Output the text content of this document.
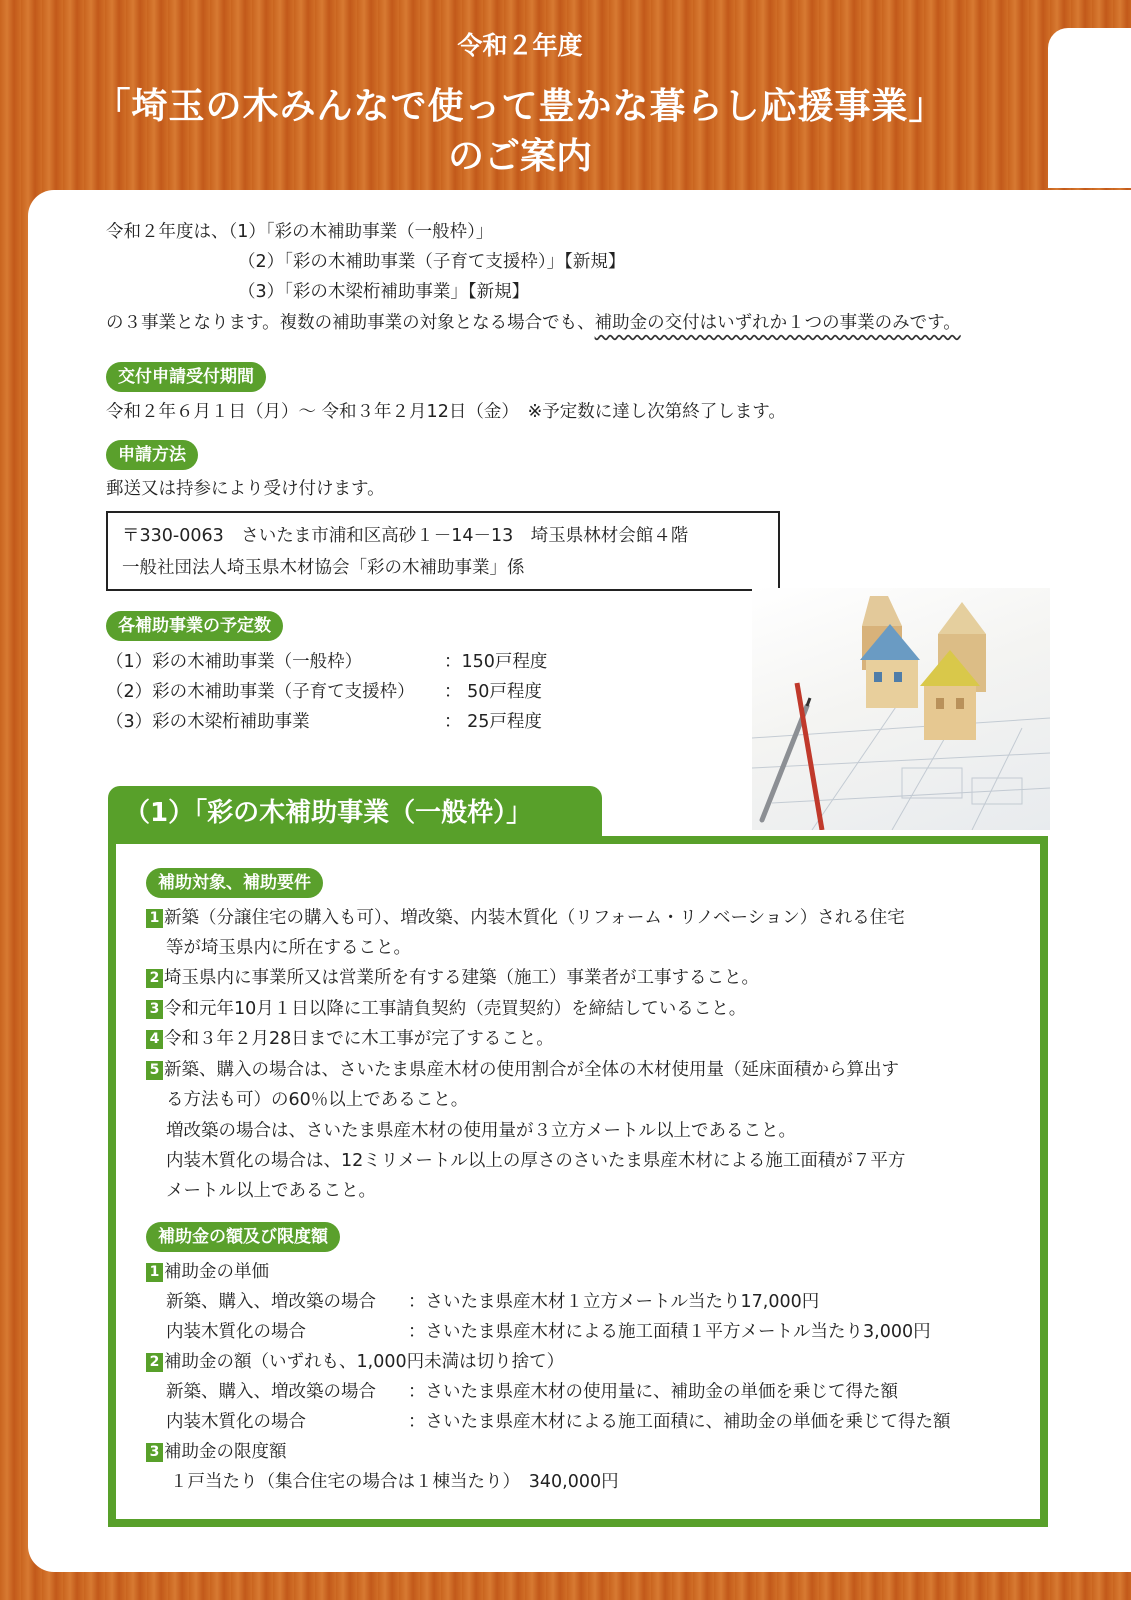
令和２年度
「埼玉の木みんなで使って豊かな暮らし応援事業」
のご案内
令和２年度は、（1）「彩の木補助事業（一般枠）」
（2）「彩の木補助事業（子育て支援枠）」【新規】
（3）「彩の木梁桁補助事業」【新規】
の３事業となります。複数の補助事業の対象となる場合でも、補助金の交付はいずれか１つの事業のみです。
交付申請受付期間
令和２年６月１日（月）～ 令和３年２月12日（金）　※予定数に達し次第終了します。
申請方法
郵送又は持参により受け付けます。
〒330-0063　さいたま市浦和区高砂１－14－13　埼玉県林材会館４階
一般社団法人埼玉県木材協会「彩の木補助事業」係
各補助事業の予定数
（1）彩の木補助事業（一般枠）	：150戸程度
（2）彩の木補助事業（子育て支援枠） ： 50戸程度
（3）彩の木梁桁補助事業	： 25戸程度
（1）「彩の木補助事業（一般枠）」
補助対象、補助要件
1 新築（分譲住宅の購入も可）、増改築、内装木質化（リフォーム・リノベーション）される住宅
等が埼玉県内に所在すること。
2 埼玉県内に事業所又は営業所を有する建築（施工）事業者が工事すること。
3 令和元年10月１日以降に工事請負契約（売買契約）を締結していること。
4 令和３年２月28日までに木工事が完了すること。
5 新築、購入の場合は、さいたま県産木材の使用割合が全体の木材使用量（延床面積から算出す
る方法も可）の60％以上であること。
増改築の場合は、さいたま県産木材の使用量が３立方メートル以上であること。
内装木質化の場合は、12ミリメートル以上の厚さのさいたま県産木材による施工面積が７平方
メートル以上であること。
補助金の額及び限度額
1 補助金の単価
新築、購入、増改築の場合 ：さいたま県産木材１立方メートル当たり17,000円
内装木質化の場合	：さいたま県産木材による施工面積１平方メートル当たり3,000円
2 補助金の額（いずれも、1,000円未満は切り捨て）
新築、購入、増改築の場合 ：さいたま県産木材の使用量に、補助金の単価を乗じて得た額
内装木質化の場合	：さいたま県産木材による施工面積に、補助金の単価を乗じて得た額
3 補助金の限度額
１戸当たり（集合住宅の場合は１棟当たり）　340,000円
